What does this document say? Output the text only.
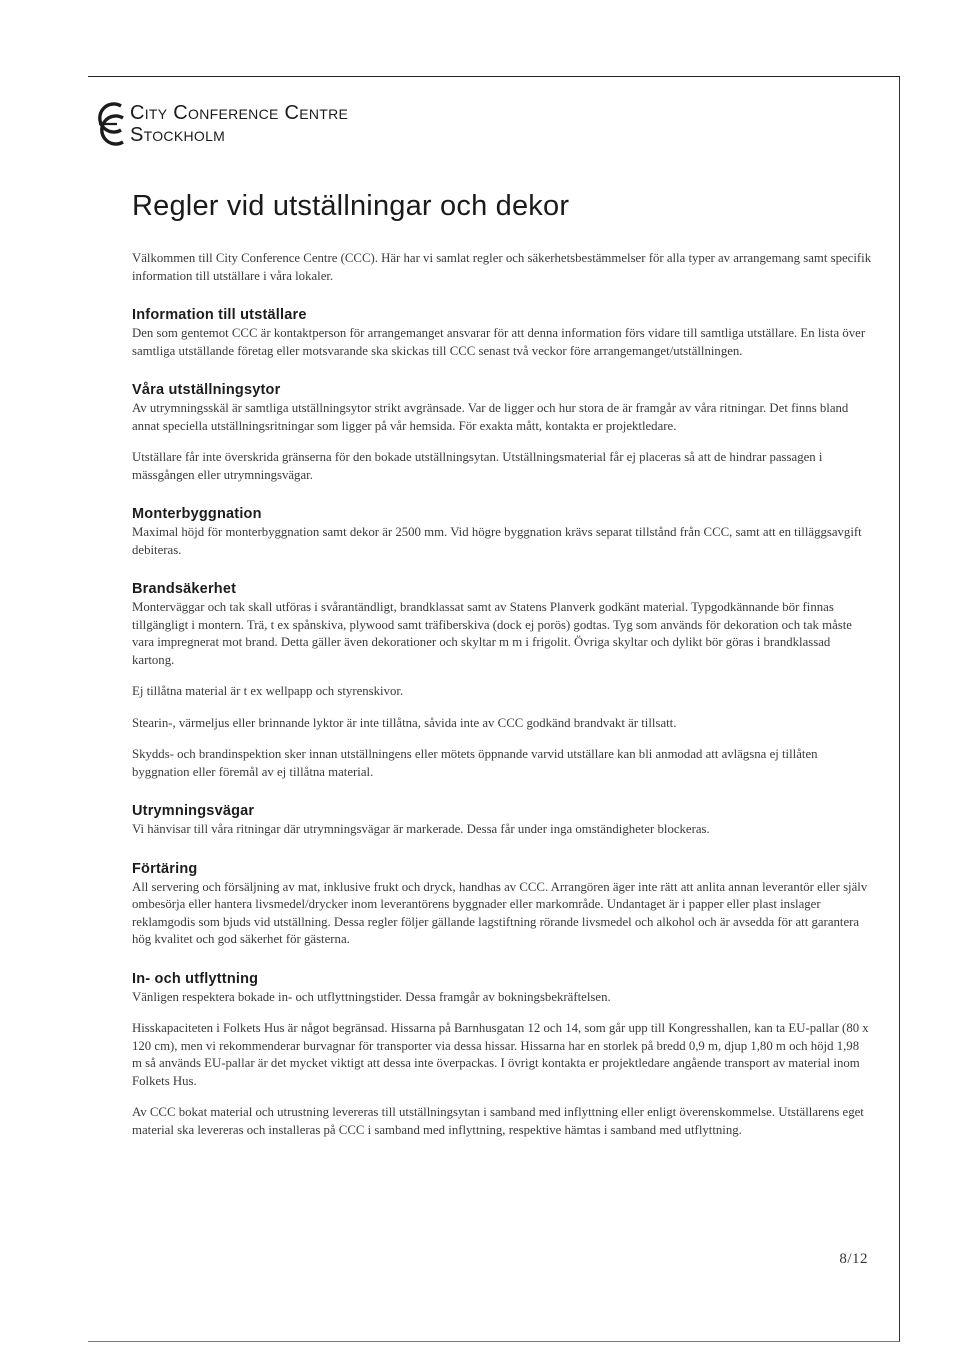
City Conference Centre
Stockholm
Regler vid utställningar och dekor

Välkommen till City Conference Centre (CCC). Här har vi samlat regler och säkerhetsbestämmelser för alla typer av arrangemang samt specifik information till utställare i våra lokaler.

Information till utställare

Den som gentemot CCC är kontaktperson för arrangemanget ansvarar för att denna information förs vidare till samtliga utställare. En lista över samtliga utställande företag eller motsvarande ska skickas till CCC senast två veckor före arrangemanget/utställningen.

Våra utställningsytor

Av utrymningsskäl är samtliga utställningsytor strikt avgränsade. Var de ligger och hur stora de är framgår av våra ritningar. Det finns bland annat speciella utställningsritningar som ligger på vår hemsida. För exakta mått, kontakta er projektledare.

Utställare får inte överskrida gränserna för den bokade utställningsytan. Utställningsmaterial får ej placeras så att de hindrar passagen i mässgången eller utrymningsvägar.

Monterbyggnation

Maximal höjd för monterbyggnation samt dekor är 2500 mm. Vid högre byggnation krävs separat tillstånd från CCC, samt att en tilläggsavgift debiteras.

Brandsäkerhet

Monterväggar och tak skall utföras i svårantändligt, brandklassat samt av Statens Planverk godkänt material. Typgodkännande bör finnas tillgängligt i montern. Trä, t ex spånskiva, plywood samt träfiberskiva (dock ej porös) godtas. Tyg som används för dekoration och tak måste vara impregnerat mot brand. Detta gäller även dekorationer och skyltar m m i frigolit. Övriga skyltar och dylikt bör göras i brandklassad kartong.

Ej tillåtna material är t ex wellpapp och styrenskivor.

Stearin-, värmeljus eller brinnande lyktor är inte tillåtna, såvida inte av CCC godkänd brandvakt är tillsatt.

Skydds- och brandinspektion sker innan utställningens eller mötets öppnande varvid utställare kan bli anmodad att avlägsna ej tillåten byggnation eller föremål av ej tillåtna material.

Utrymningsvägar

Vi hänvisar till våra ritningar där utrymningsvägar är markerade. Dessa får under inga omständigheter blockeras.

Förtäring

All servering och försäljning av mat, inklusive frukt och dryck, handhas av CCC. Arrangören äger inte rätt att anlita annan leverantör eller själv ombesörja eller hantera livsmedel/drycker inom leverantörens byggnader eller markområde. Undantaget är i papper eller plast inslager reklamgodis som bjuds vid utställning. Dessa regler följer gällande lagstiftning rörande livsmedel och alkohol och är avsedda för att garantera hög kvalitet och god säkerhet för gästerna.

In- och utflyttning

Vänligen respektera bokade in- och utflyttningstider. Dessa framgår av bokningsbekräftelsen.

Hisskapaciteten i Folkets Hus är något begränsad. Hissarna på Barnhusgatan 12 och 14, som går upp till Kongresshallen, kan ta EU-pallar (80 x 120 cm), men vi rekommenderar burvagnar för transporter via dessa hissar. Hissarna har en storlek på bredd 0,9 m, djup 1,80 m och höjd 1,98 m så används EU-pallar är det mycket viktigt att dessa inte överpackas. I övrigt kontakta er projektledare angående transport av material inom Folkets Hus.

Av CCC bokat material och utrustning levereras till utställningsytan i samband med inflyttning eller enligt överenskommelse. Utställarens eget material ska levereras och installeras på CCC i samband med inflyttning, respektive hämtas i samband med utflyttning.

8/12
